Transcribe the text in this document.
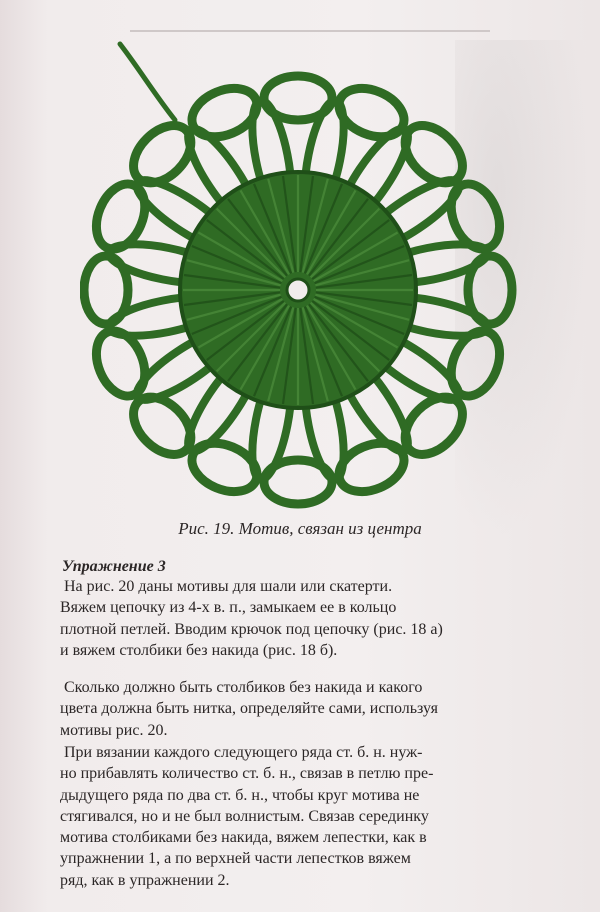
Рис. 19. Мотив, связан из центра
Упражнение 3
На рис. 20 даны мотивы для шали или скатерти.
Вяжем цепочку из 4-х в. п., замыкаем ее в кольцо
плотной петлей. Вводим крючок под цепочку (рис. 18 а)
и вяжем столбики без накида (рис. 18 б).
Сколько должно быть столбиков без накида и какого
цвета должна быть нитка, определяйте сами, используя
мотивы рис. 20.
При вязании каждого следующего ряда ст. б. н. нуж-
но прибавлять количество ст. б. н., связав в петлю пре-
дыдущего ряда по два ст. б. н., чтобы круг мотива не
стягивался, но и не был волнистым. Связав серединку
мотива столбиками без накида, вяжем лепестки, как в
упражнении 1, а по верхней части лепестков вяжем
ряд, как в упражнении 2.
